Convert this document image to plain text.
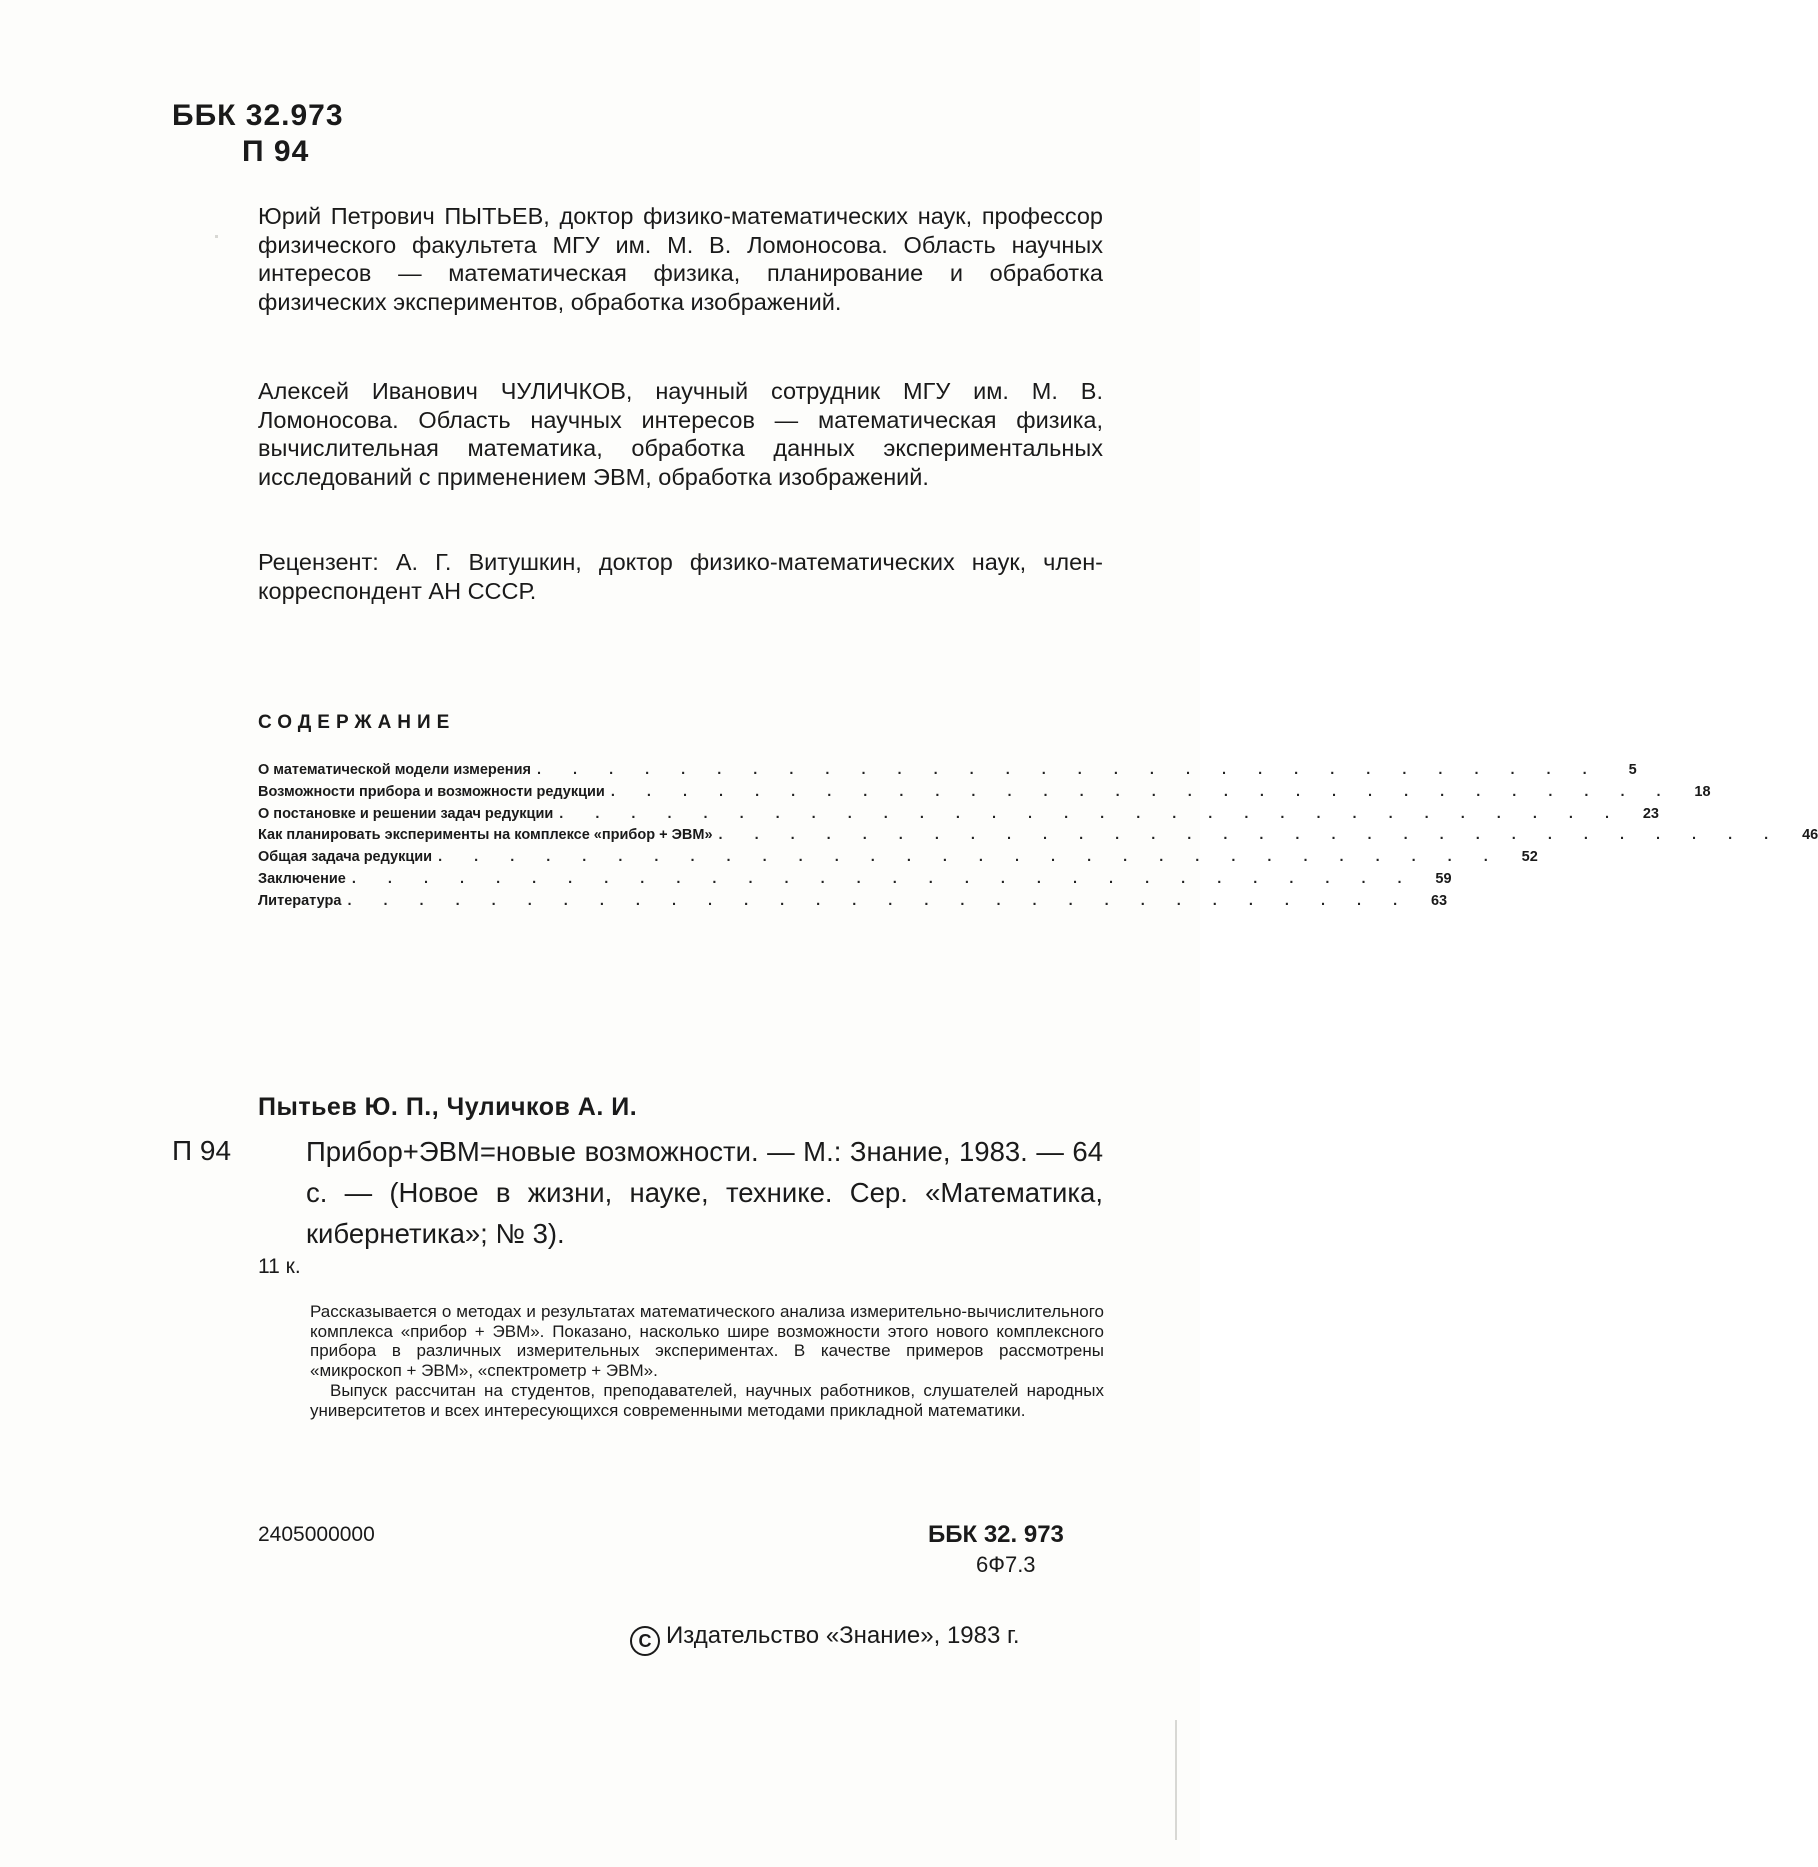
ББК 32.973
П 94

Юрий Петрович ПЫТЬЕВ, доктор физико-математических наук, профессор физического факультета МГУ им. М. В. Ломоносова. Область научных интересов — математическая физика, планирование и обработка физических экспериментов, обработка изображений.

Алексей Иванович ЧУЛИЧКОВ, научный сотрудник МГУ им. М. В. Ломоносова. Область научных интересов — математическая физика, вычислительная математика, обработка данных экспериментальных исследований с применением ЭВМ, обработка изображений.

Рецензент: А. Г. Витушкин, доктор физико-математических наук, член-корреспондент АН СССР.

СОДЕРЖАНИЕ
О математической модели измерения . . . . . . . . . . . . . . . . . . . . . . . . . . . . . .	5
Возможности прибора и возможности редукции . . . . . . . . . . . . . . . . . . . . . . . . . . . . . .	18
О постановке и решении задач редукции . . . . . . . . . . . . . . . . . . . . . . . . . . . . . .	23
Как планировать эксперименты на комплексе «прибор + ЭВМ» . . . . . . . . . . . . . . . . . . . . . . . . . . . . . .	46
Общая задача редукции . . . . . . . . . . . . . . . . . . . . . . . . . . . . . .	52
Заключение . . . . . . . . . . . . . . . . . . . . . . . . . . . . . .	59
Литература . . . . . . . . . . . . . . . . . . . . . . . . . . . . . .	63
Пытьев Ю. П., Чуличков А. И.
П 94	Прибор+ЭВМ=новые возможности. — М.: Знание, 1983. — 64 с. — (Новое в жизни, науке, технике. Сер. «Математика, кибернетика»; № 3).
11 к.

Рассказывается о методах и результатах математического анализа измерительно-вычислительного комплекса «прибор + ЭВМ». Показано, насколько шире возможности этого нового комплексного прибора в различных измерительных экспериментах. В качестве примеров рассмотрены «микроскоп + ЭВМ», «спектрометр + ЭВМ».

Выпуск рассчитан на студентов, преподавателей, научных работников, слушателей народных университетов и всех интересующихся современными методами прикладной математики.

2405000000	ББК 32. 973
6Ф7.3
C Издательство «Знание», 1983 г.
